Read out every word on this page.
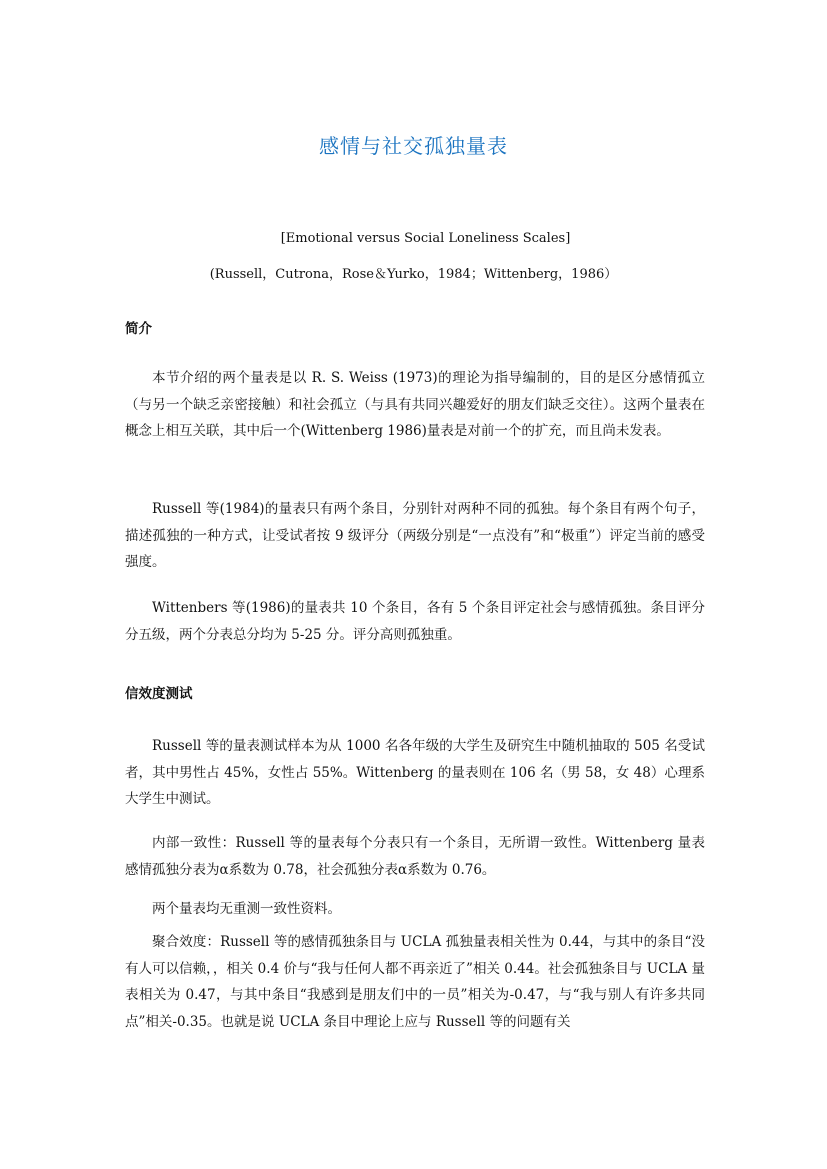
感情与社交孤独量表
[Emotional versus Social Loneliness Scales]
(Russell，Cutrona，Rose＆Yurko，1984；Wittenberg，1986）
简介

本节介绍的两个量表是以 R. S. Weiss (1973)的理论为指导编制的，目的是区分感情孤立（与另一个缺乏亲密接触）和社会孤立（与具有共同兴趣爱好的朋友们缺乏交往）。这两个量表在概念上相互关联，其中后一个(Wittenberg 1986)量表是对前一个的扩充，而且尚未发表。

Russell 等(1984)的量表只有两个条目，分别针对两种不同的孤独。每个条目有两个句子，描述孤独的一种方式，让受试者按 9 级评分（两级分别是“一点没有”和“极重”）评定当前的感受强度。

Wittenbers 等(1986)的量表共 10 个条目，各有 5 个条目评定社会与感情孤独。条目评分分五级，两个分表总分均为 5-25 分。评分高则孤独重。

信效度测试

Russell 等的量表测试样本为从 1000 名各年级的大学生及研究生中随机抽取的 505 名受试者，其中男性占 45%，女性占 55%。Wittenberg 的量表则在 106 名（男 58，女 48）心理系大学生中测试。

内部一致性：Russell 等的量表每个分表只有一个条目，无所谓一致性。Wittenberg 量表感情孤独分表为α系数为 0.78，社会孤独分表α系数为 0.76。

两个量表均无重测一致性资料。

聚合效度：Russell 等的感情孤独条目与 UCLA 孤独量表相关性为 0.44，与其中的条目“没有人可以信赖，，相关 0.4 价与“我与任何人都不再亲近了”相关 0.44。社会孤独条目与 UCLA 量表相关为 0.47，与其中条目“我感到是朋友们中的一员”相关为-0.47，与“我与别人有许多共同点”相关-0.35。也就是说 UCLA 条目中理论上应与 Russell 等的问题有关
